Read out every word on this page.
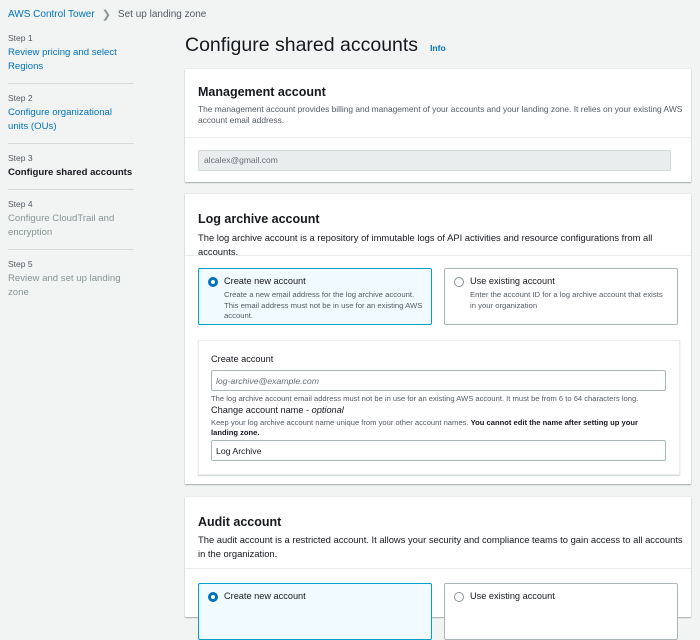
AWS Control Tower ❯ Set up landing zone
Step 1
Review pricing and select Regions
Step 2
Configure organizational units (OUs)
Step 3
Configure shared accounts
Step 4
Configure CloudTrail and encryption
Step 5
Review and set up landing zone
Configure shared accounts Info
Management account
The management account provides billing and management of your accounts and your landing zone. It relies on your existing AWS account email address.
alcalex@gmail.com
Log archive account
The log archive account is a repository of immutable logs of API activities and resource configurations from all accounts.
Create new account
Create a new email address for the log archive account. This email address must not be in use for an existing AWS account.
Use existing account
Enter the account ID for a log archive account that exists in your organization
Create account
log-archive@example.com
The log archive account email address must not be in use for an existing AWS account. It must be from 6 to 64 characters long.
Change account name - optional
Keep your log archive account name unique from your other account names. You cannot edit the name after setting up your landing zone.
Log Archive
Audit account
The audit account is a restricted account. It allows your security and compliance teams to gain access to all accounts in the organization.
Create new account	Use existing account
